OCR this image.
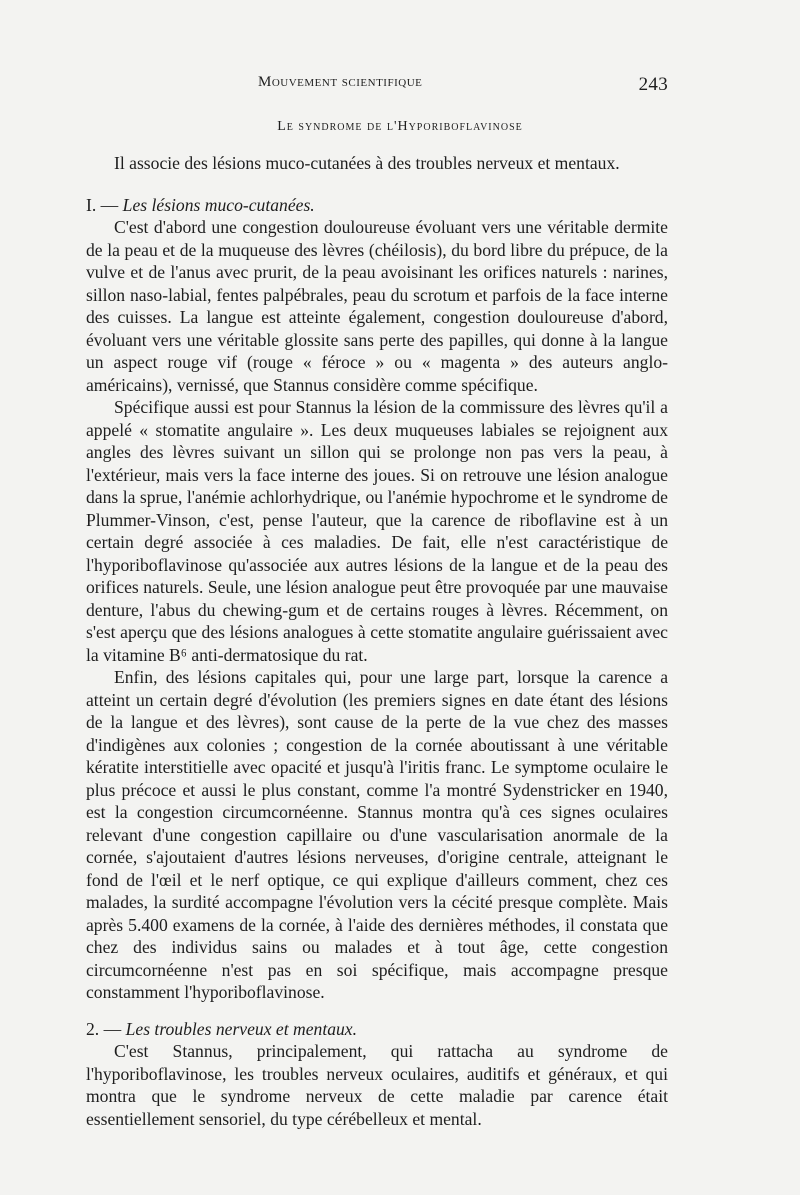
Mouvement scientifique	243
Le syndrome de l'Hyporiboflavinose

Il associe des lésions muco-cutanées à des troubles nerveux et mentaux.

I. — Les lésions muco-cutanées.

C'est d'abord une congestion douloureuse évoluant vers une véritable dermite de la peau et de la muqueuse des lèvres (chéilosis), du bord libre du prépuce, de la vulve et de l'anus avec prurit, de la peau avoisinant les orifices naturels : narines, sillon naso-labial, fentes palpébrales, peau du scrotum et parfois de la face interne des cuisses. La langue est atteinte également, congestion douloureuse d'abord, évoluant vers une véritable glossite sans perte des papilles, qui donne à la langue un aspect rouge vif (rouge « féroce » ou « magenta » des auteurs anglo-américains), vernissé, que Stannus considère comme spécifique.

Spécifique aussi est pour Stannus la lésion de la commissure des lèvres qu'il a appelé « stomatite angulaire ». Les deux muqueuses labiales se rejoignent aux angles des lèvres suivant un sillon qui se prolonge non pas vers la peau, à l'extérieur, mais vers la face interne des joues. Si on retrouve une lésion analogue dans la sprue, l'anémie achlorhydrique, ou l'anémie hypochrome et le syndrome de Plummer-Vinson, c'est, pense l'auteur, que la carence de riboflavine est à un certain degré associée à ces maladies. De fait, elle n'est caractéristique de l'hyporiboflavinose qu'associée aux autres lésions de la langue et de la peau des orifices naturels. Seule, une lésion analogue peut être provoquée par une mauvaise denture, l'abus du chewing-gum et de certains rouges à lèvres. Récemment, on s'est aperçu que des lésions analogues à cette stomatite angulaire guérissaient avec la vitamine B⁶ anti-dermatosique du rat.

Enfin, des lésions capitales qui, pour une large part, lorsque la carence a atteint un certain degré d'évolution (les premiers signes en date étant des lésions de la langue et des lèvres), sont cause de la perte de la vue chez des masses d'indigènes aux colonies ; congestion de la cornée aboutissant à une véritable kératite interstitielle avec opacité et jusqu'à l'iritis franc. Le symptome oculaire le plus précoce et aussi le plus constant, comme l'a montré Sydenstricker en 1940, est la congestion circumcornéenne. Stannus montra qu'à ces signes oculaires relevant d'une congestion capillaire ou d'une vascularisation anormale de la cornée, s'ajoutaient d'autres lésions nerveuses, d'origine centrale, atteignant le fond de l'œil et le nerf optique, ce qui explique d'ailleurs comment, chez ces malades, la surdité accompagne l'évolution vers la cécité presque complète. Mais après 5.400 examens de la cornée, à l'aide des dernières méthodes, il constata que chez des individus sains ou malades et à tout âge, cette congestion circumcornéenne n'est pas en soi spécifique, mais accompagne presque constamment l'hyporiboflavinose.

2. — Les troubles nerveux et mentaux.

C'est Stannus, principalement, qui rattacha au syndrome de l'hyporiboflavinose, les troubles nerveux oculaires, auditifs et généraux, et qui montra que le syndrome nerveux de cette maladie par carence était essentiellement sensoriel, du type cérébelleux et mental.
